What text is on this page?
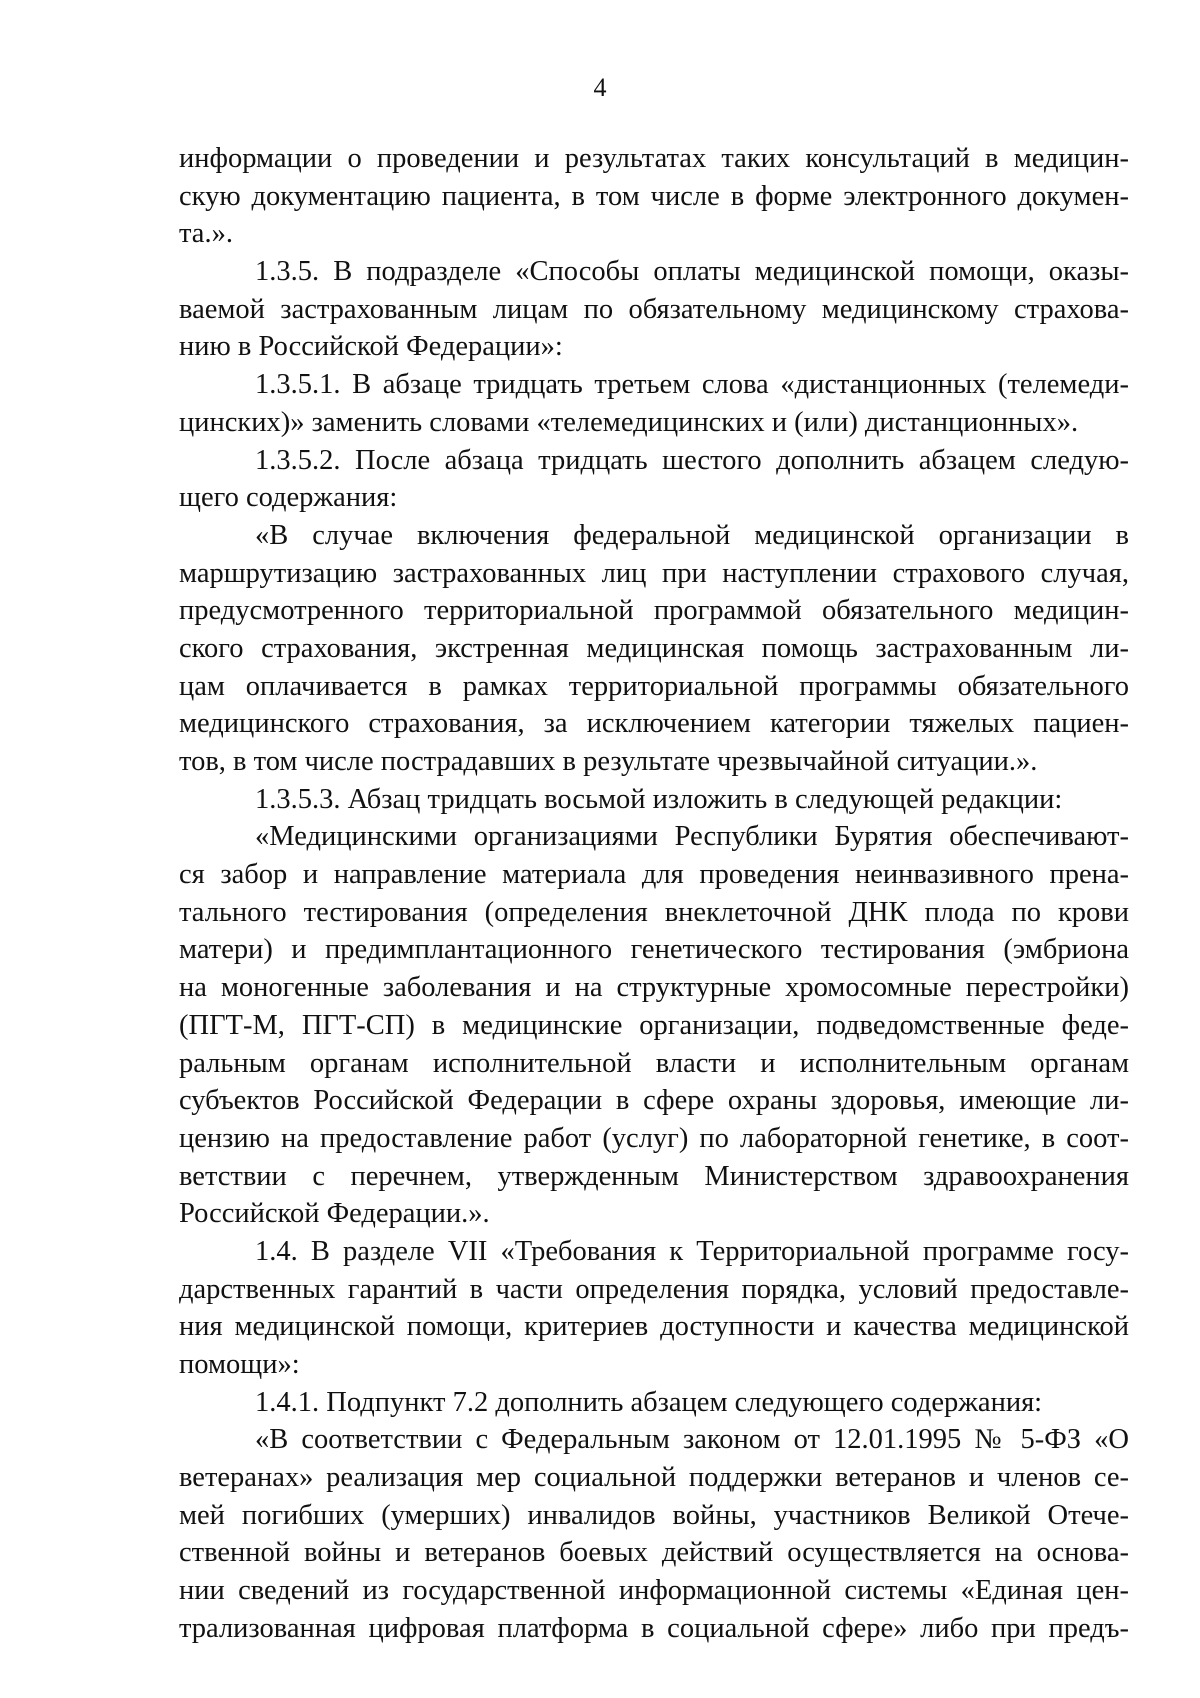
4
информации о проведении и результатах таких консультаций в медицин-
скую документацию пациента, в том числе в форме электронного докумен-
та.».
1.3.5. В подразделе «Способы оплаты медицинской помощи, оказы-
ваемой застрахованным лицам по обязательному медицинскому страхова-
нию в Российской Федерации»:
1.3.5.1. В абзаце тридцать третьем слова «дистанционных (телемеди-
цинских)» заменить словами «телемедицинских и (или) дистанционных».
1.3.5.2. После абзаца тридцать шестого дополнить абзацем следую-
щего содержания:
«В случае включения федеральной медицинской организации в
маршрутизацию застрахованных лиц при наступлении страхового случая,
предусмотренного территориальной программой обязательного медицин-
ского страхования, экстренная медицинская помощь застрахованным ли-
цам оплачивается в рамках территориальной программы обязательного
медицинского страхования, за исключением категории тяжелых пациен-
тов, в том числе пострадавших в результате чрезвычайной ситуации.».
1.3.5.3. Абзац тридцать восьмой изложить в следующей редакции:
«Медицинскими организациями Республики Бурятия обеспечивают-
ся забор и направление материала для проведения неинвазивного прена-
тального тестирования (определения внеклеточной ДНК плода по крови
матери) и предимплантационного генетического тестирования (эмбриона
на моногенные заболевания и на структурные хромосомные перестройки)
(ПГТ-М, ПГТ-СП) в медицинские организации, подведомственные феде-
ральным органам исполнительной власти и исполнительным органам
субъектов Российской Федерации в сфере охраны здоровья, имеющие ли-
цензию на предоставление работ (услуг) по лабораторной генетике, в соот-
ветствии с перечнем, утвержденным Министерством здравоохранения
Российской Федерации.».
1.4. В разделе VII «Требования к Территориальной программе госу-
дарственных гарантий в части определения порядка, условий предоставле-
ния медицинской помощи, критериев доступности и качества медицинской
помощи»:
1.4.1. Подпункт 7.2 дополнить абзацем следующего содержания:
«В соответствии с Федеральным законом от 12.01.1995 № 5-ФЗ «О
ветеранах» реализация мер социальной поддержки ветеранов и членов се-
мей погибших (умерших) инвалидов войны, участников Великой Отече-
ственной войны и ветеранов боевых действий осуществляется на основа-
нии сведений из государственной информационной системы «Единая цен-
трализованная цифровая платформа в социальной сфере» либо при предъ-
